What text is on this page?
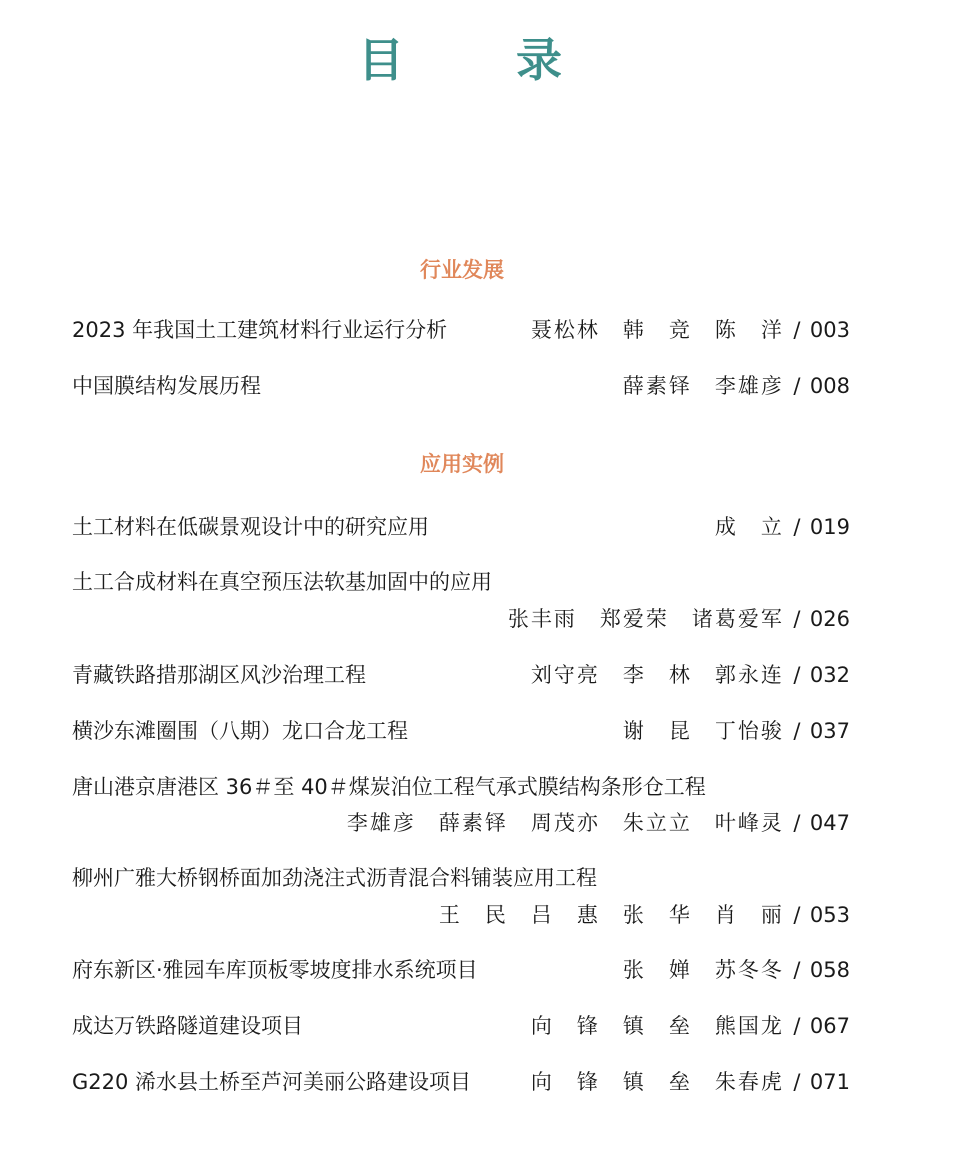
目 录
行业发展
2023 年我国土工建筑材料行业运行分析	聂松林　韩　竞　陈　洋 / 003
中国膜结构发展历程	薛素铎　李雄彦 / 008
应用实例
土工材料在低碳景观设计中的研究应用	成　立 / 019
土工合成材料在真空预压法软基加固中的应用
张丰雨　郑爱荣　诸葛爱军 / 026
青藏铁路措那湖区风沙治理工程	刘守亮　李　林　郭永连 / 032
横沙东滩圈围（八期）龙口合龙工程	谢　昆　丁怡骏 / 037
唐山港京唐港区 36＃至 40＃煤炭泊位工程气承式膜结构条形仓工程
李雄彦　薛素铎　周茂亦　朱立立　叶峰灵 / 047
柳州广雅大桥钢桥面加劲浇注式沥青混合料铺装应用工程
王　民　吕　惠　张　华　肖　丽 / 053
府东新区·雅园车库顶板零坡度排水系统项目	张　婵　苏冬冬 / 058
成达万铁路隧道建设项目	向　锋　镇　垒　熊国龙 / 067
G220 浠水县土桥至芦河美丽公路建设项目	向　锋　镇　垒　朱春虎 / 071
